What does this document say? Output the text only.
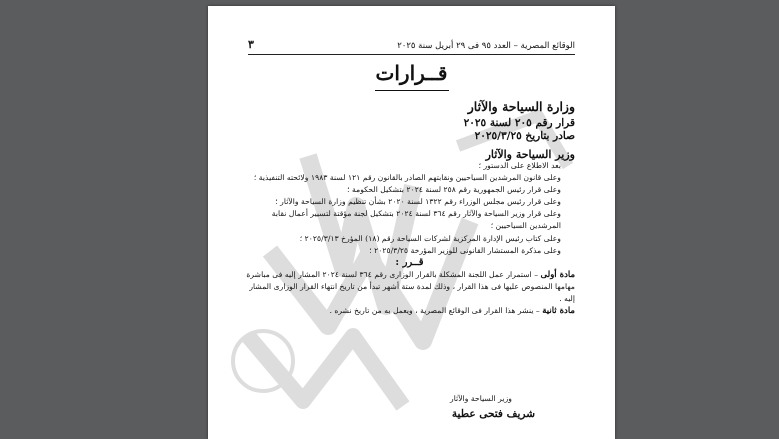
الوقائع المصرية – العدد ٩٥ فى ٢٩ أبريل سنة ٢٠٢٥
٣
قــرارات
وزارة السياحة والآثار
قرار رقم ٢٠٥ لسنة ٢٠٢٥
صادر بتاريخ ٢٠٢٥/٣/٢٥
وزير السياحة والآثار

بعد الاطلاع على الدستور ؛

وعلى قانون المرشدين السياحيين ونقابتهم الصادر بالقانون رقم ١٢١ لسنة ١٩٨٣ ولائحته التنفيذية ؛

وعلى قرار رئيس الجمهورية رقم ٢٥٨ لسنة ٢٠٢٤ بتشكيل الحكومة ؛

وعلى قرار رئيس مجلس الوزراء رقم ١٣٢٢ لسنة ٢٠٢٠ بشأن تنظيم وزارة السياحة والآثار ؛

وعلى قرار وزير السياحة والآثار رقم ٣٦٤ لسنة ٢٠٢٤ بتشكيل لجنة مؤقتة لتسيير أعمال نقابة المرشدين السياحيين ؛

وعلى كتاب رئيس الإدارة المركزية لشركات السياحة رقم (١٨) المؤرخ ٢٠٢٥/٣/١٣ ؛

وعلى مذكرة المستشار القانونى للوزير المؤرخة ٢٠٢٥/٣/٢٥ ؛

قــرر :

مادة أولى – استمرار عمل اللجنة المشكلة بالقرار الوزارى رقم ٣٦٤ لسنة ٢٠٢٤ المشار إليه فى مباشرة مهامها المنصوص عليها فى هذا القرار ، وذلك لمدة ستة أشهر تبدأ من تاريخ انتهاء القرار الوزارى المشار إليه .

مادة ثانية – ينشر هذا القرار فى الوقائع المصرية ، ويعمل به من تاريخ نشره .

وزير السياحة والآثار
شريف فتحى عطية
